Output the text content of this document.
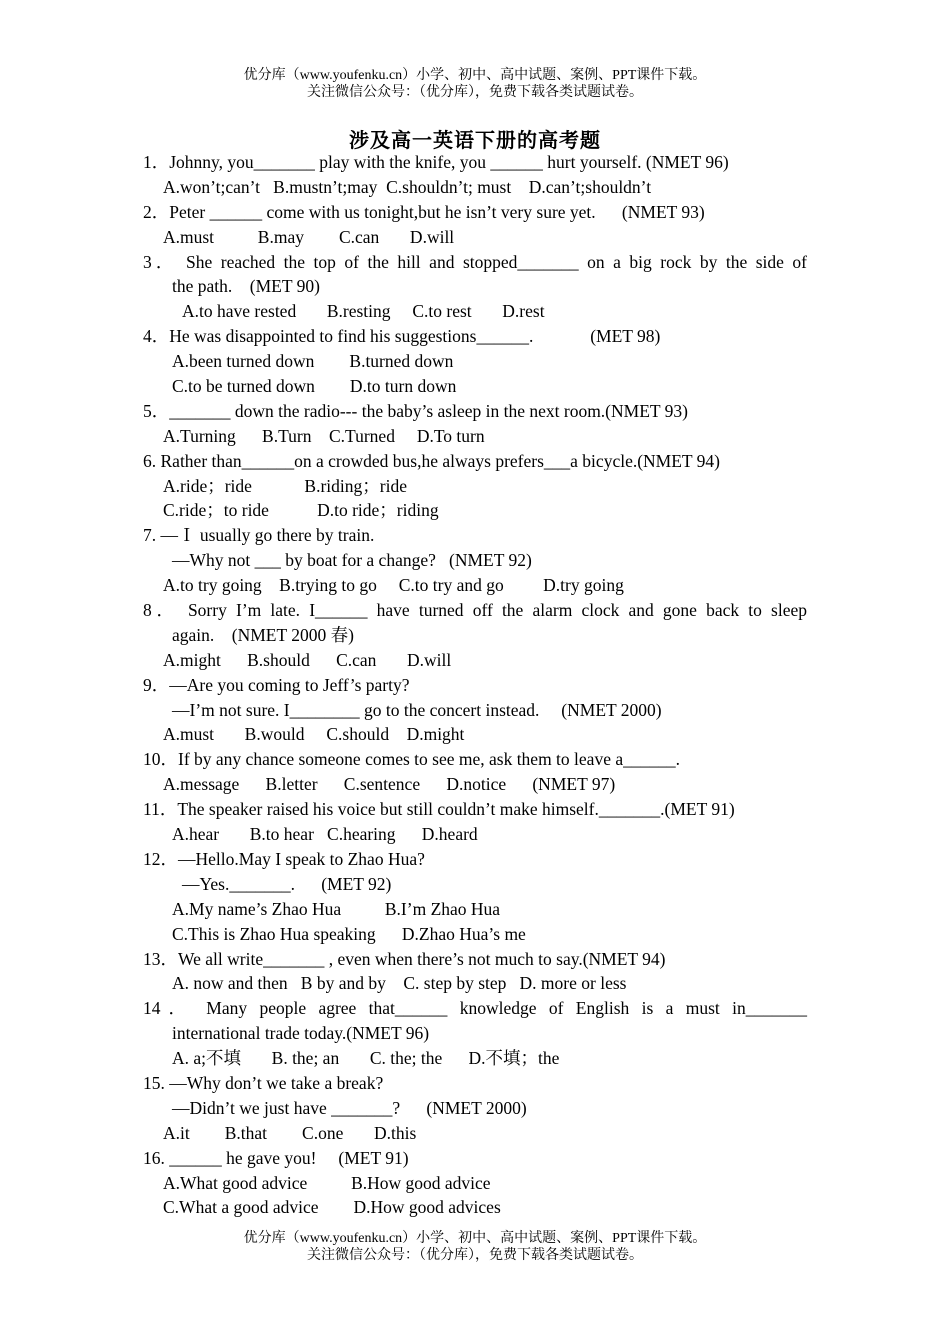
优分库（www.youfenku.cn）小学、初中、高中试题、案例、PPT课件下载。
关注微信公众号：（优分库），免费下载各类试题试卷。
涉及高一英语下册的高考题
1．Johnny, you_______ play with the knife, you ______ hurt yourself. (NMET 96)
A.won’t;can’t   B.mustn’t;may  C.shouldn’t; must    D.can’t;shouldn’t
2．Peter ______ come with us tonight,but he isn’t very sure yet.      (NMET 93)
A.must          B.may        C.can       D.will
3． She reached the top of the hill and stopped_______ on a big rock by the side of
the path.    (MET 90)
A.to have rested       B.resting     C.to rest       D.rest
4．He was disappointed to find his suggestions______.             (MET 98)
A.been turned down        B.turned down
C.to be turned down        D.to turn down
5．_______ down the radio--- the baby’s asleep in the next room.(NMET 93)
A.Turning      B.Turn    C.Turned     D.To turn
6. Rather than______on a crowded bus,he always prefers___a bicycle.(NMET 94)
A.ride；ride            B.riding；ride
C.ride；to ride           D.to ride；riding
7. —Ｉ usually go there by train.
—Why not ___ by boat for a change?   (NMET 92)
A.to try going    B.trying to go     C.to try and go         D.try going
8． Sorry I’m late. I______ have turned off the alarm clock and gone back to sleep
again.    (NMET 2000 春)
A.might      B.should      C.can       D.will
9．—Are you coming to Jeff’s party?
—I’m not sure. I________ go to the concert instead.     (NMET 2000)
A.must       B.would     C.should    D.might
10．If by any chance someone comes to see me, ask them to leave a______.
A.message      B.letter      C.sentence      D.notice      (NMET 97)
11．The speaker raised his voice but still couldn’t make himself._______.(MET 91)
A.hear       B.to hear   C.hearing      D.heard
12．—Hello.May I speak to Zhao Hua?
—Yes._______.      (MET 92)
A.My name’s Zhao Hua          B.I’m Zhao Hua
C.This is Zhao Hua speaking      D.Zhao Hua’s me
13．We all write_______ , even when there’s not much to say.(NMET 94)
A. now and then   B by and by    C. step by step   D. more or less
14． Many people agree that______ knowledge of English is a must in_______
international trade today.(NMET 96)
A. a;不填       B. the; an       C. the; the      D.不填；the
15. —Why don’t we take a break?
—Didn’t we just have _______?      (NMET 2000)
A.it        B.that        C.one       D.this
16. ______ he gave you!     (MET 91)
A.What good advice          B.How good advice
C.What a good advice        D.How good advices
优分库（www.youfenku.cn）小学、初中、高中试题、案例、PPT课件下载。
关注微信公众号：（优分库），免费下载各类试题试卷。
